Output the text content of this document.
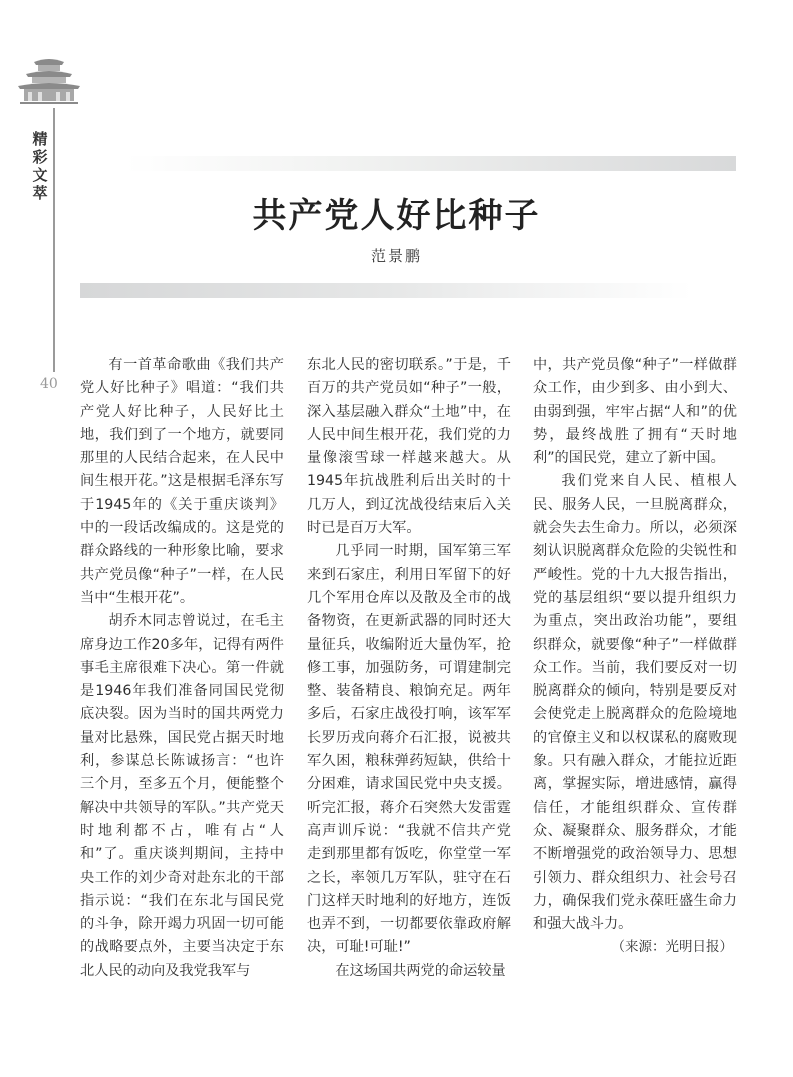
精彩文萃
40
共产党人好比种子
范景鹏

有一首革命歌曲《我们共产党人好比种子》唱道：“我们共产党人好比种子，人民好比土地，我们到了一个地方，就要同那里的人民结合起来，在人民中间生根开花。”这是根据毛泽东写于1945年的《关于重庆谈判》中的一段话改编成的。这是党的群众路线的一种形象比喻，要求共产党员像“种子”一样，在人民当中“生根开花”。

胡乔木同志曾说过，在毛主席身边工作20多年，记得有两件事毛主席很难下决心。第一件就是1946年我们准备同国民党彻底决裂。因为当时的国共两党力量对比悬殊，国民党占据天时地利，参谋总长陈诚扬言：“也许三个月，至多五个月，便能整个解决中共领导的军队。”共产党天时地利都不占，唯有占“人和”了。重庆谈判期间，主持中央工作的刘少奇对赴东北的干部指示说：“我们在东北与国民党的斗争，除开竭力巩固一切可能的战略要点外，主要当决定于东北人民的动向及我党我军与

东北人民的密切联系。”于是，千百万的共产党员如“种子”一般，深入基层融入群众“土地”中，在人民中间生根开花，我们党的力量像滚雪球一样越来越大。从1945年抗战胜利后出关时的十几万人，到辽沈战役结束后入关时已是百万大军。

几乎同一时期，国军第三军来到石家庄，利用日军留下的好几个军用仓库以及散及全市的战备物资，在更新武器的同时还大量征兵，收编附近大量伪军，抢修工事，加强防务，可谓建制完整、装备精良、粮饷充足。两年多后，石家庄战役打响，该军军长罗历戎向蒋介石汇报，说被共军久困，粮秣弹药短缺，供给十分困难，请求国民党中央支援。听完汇报，蒋介石突然大发雷霆高声训斥说：“我就不信共产党走到那里都有饭吃，你堂堂一军之长，率领几万军队，驻守在石门这样天时地利的好地方，连饭也弄不到，一切都要依靠政府解决，可耻!可耻!”

在这场国共两党的命运较量

中，共产党员像“种子”一样做群众工作，由少到多、由小到大、由弱到强，牢牢占据“人和”的优势，最终战胜了拥有“天时地利”的国民党，建立了新中国。

我们党来自人民、植根人民、服务人民，一旦脱离群众，就会失去生命力。所以，必须深刻认识脱离群众危险的尖锐性和严峻性。党的十九大报告指出，党的基层组织“要以提升组织力为重点，突出政治功能”，要组织群众，就要像“种子”一样做群众工作。当前，我们要反对一切脱离群众的倾向，特别是要反对会使党走上脱离群众的危险境地的官僚主义和以权谋私的腐败现象。只有融入群众，才能拉近距离，掌握实际，增进感情，赢得信任，才能组织群众、宣传群众、凝聚群众、服务群众，才能不断增强党的政治领导力、思想引领力、群众组织力、社会号召力，确保我们党永葆旺盛生命力和强大战斗力。

（来源：光明日报）
